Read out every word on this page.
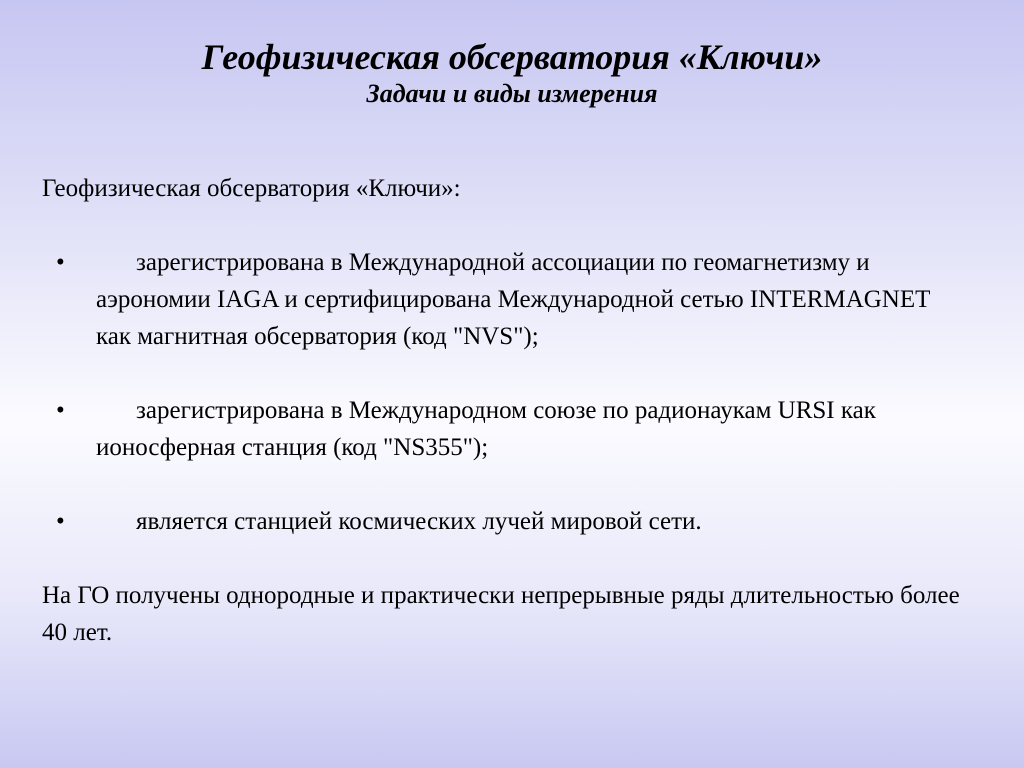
Геофизическая обсерватория «Ключи»
Задачи и виды измерения

Геофизическая обсерватория «Ключи»:

•	зарегистрирована в Международной ассоциации по геомагнетизму и аэрономии IAGA и сертифицирована Международной сетью INTERMAGNET как магнитная обсерватория (код "NVS");
•	зарегистрирована в Международном союзе по радионаукам URSI как ионосферная станция (код "NS355");
•	является станцией космических лучей мировой сети.

На ГО получены однородные и практически непрерывные ряды длительностью более 40 лет.
